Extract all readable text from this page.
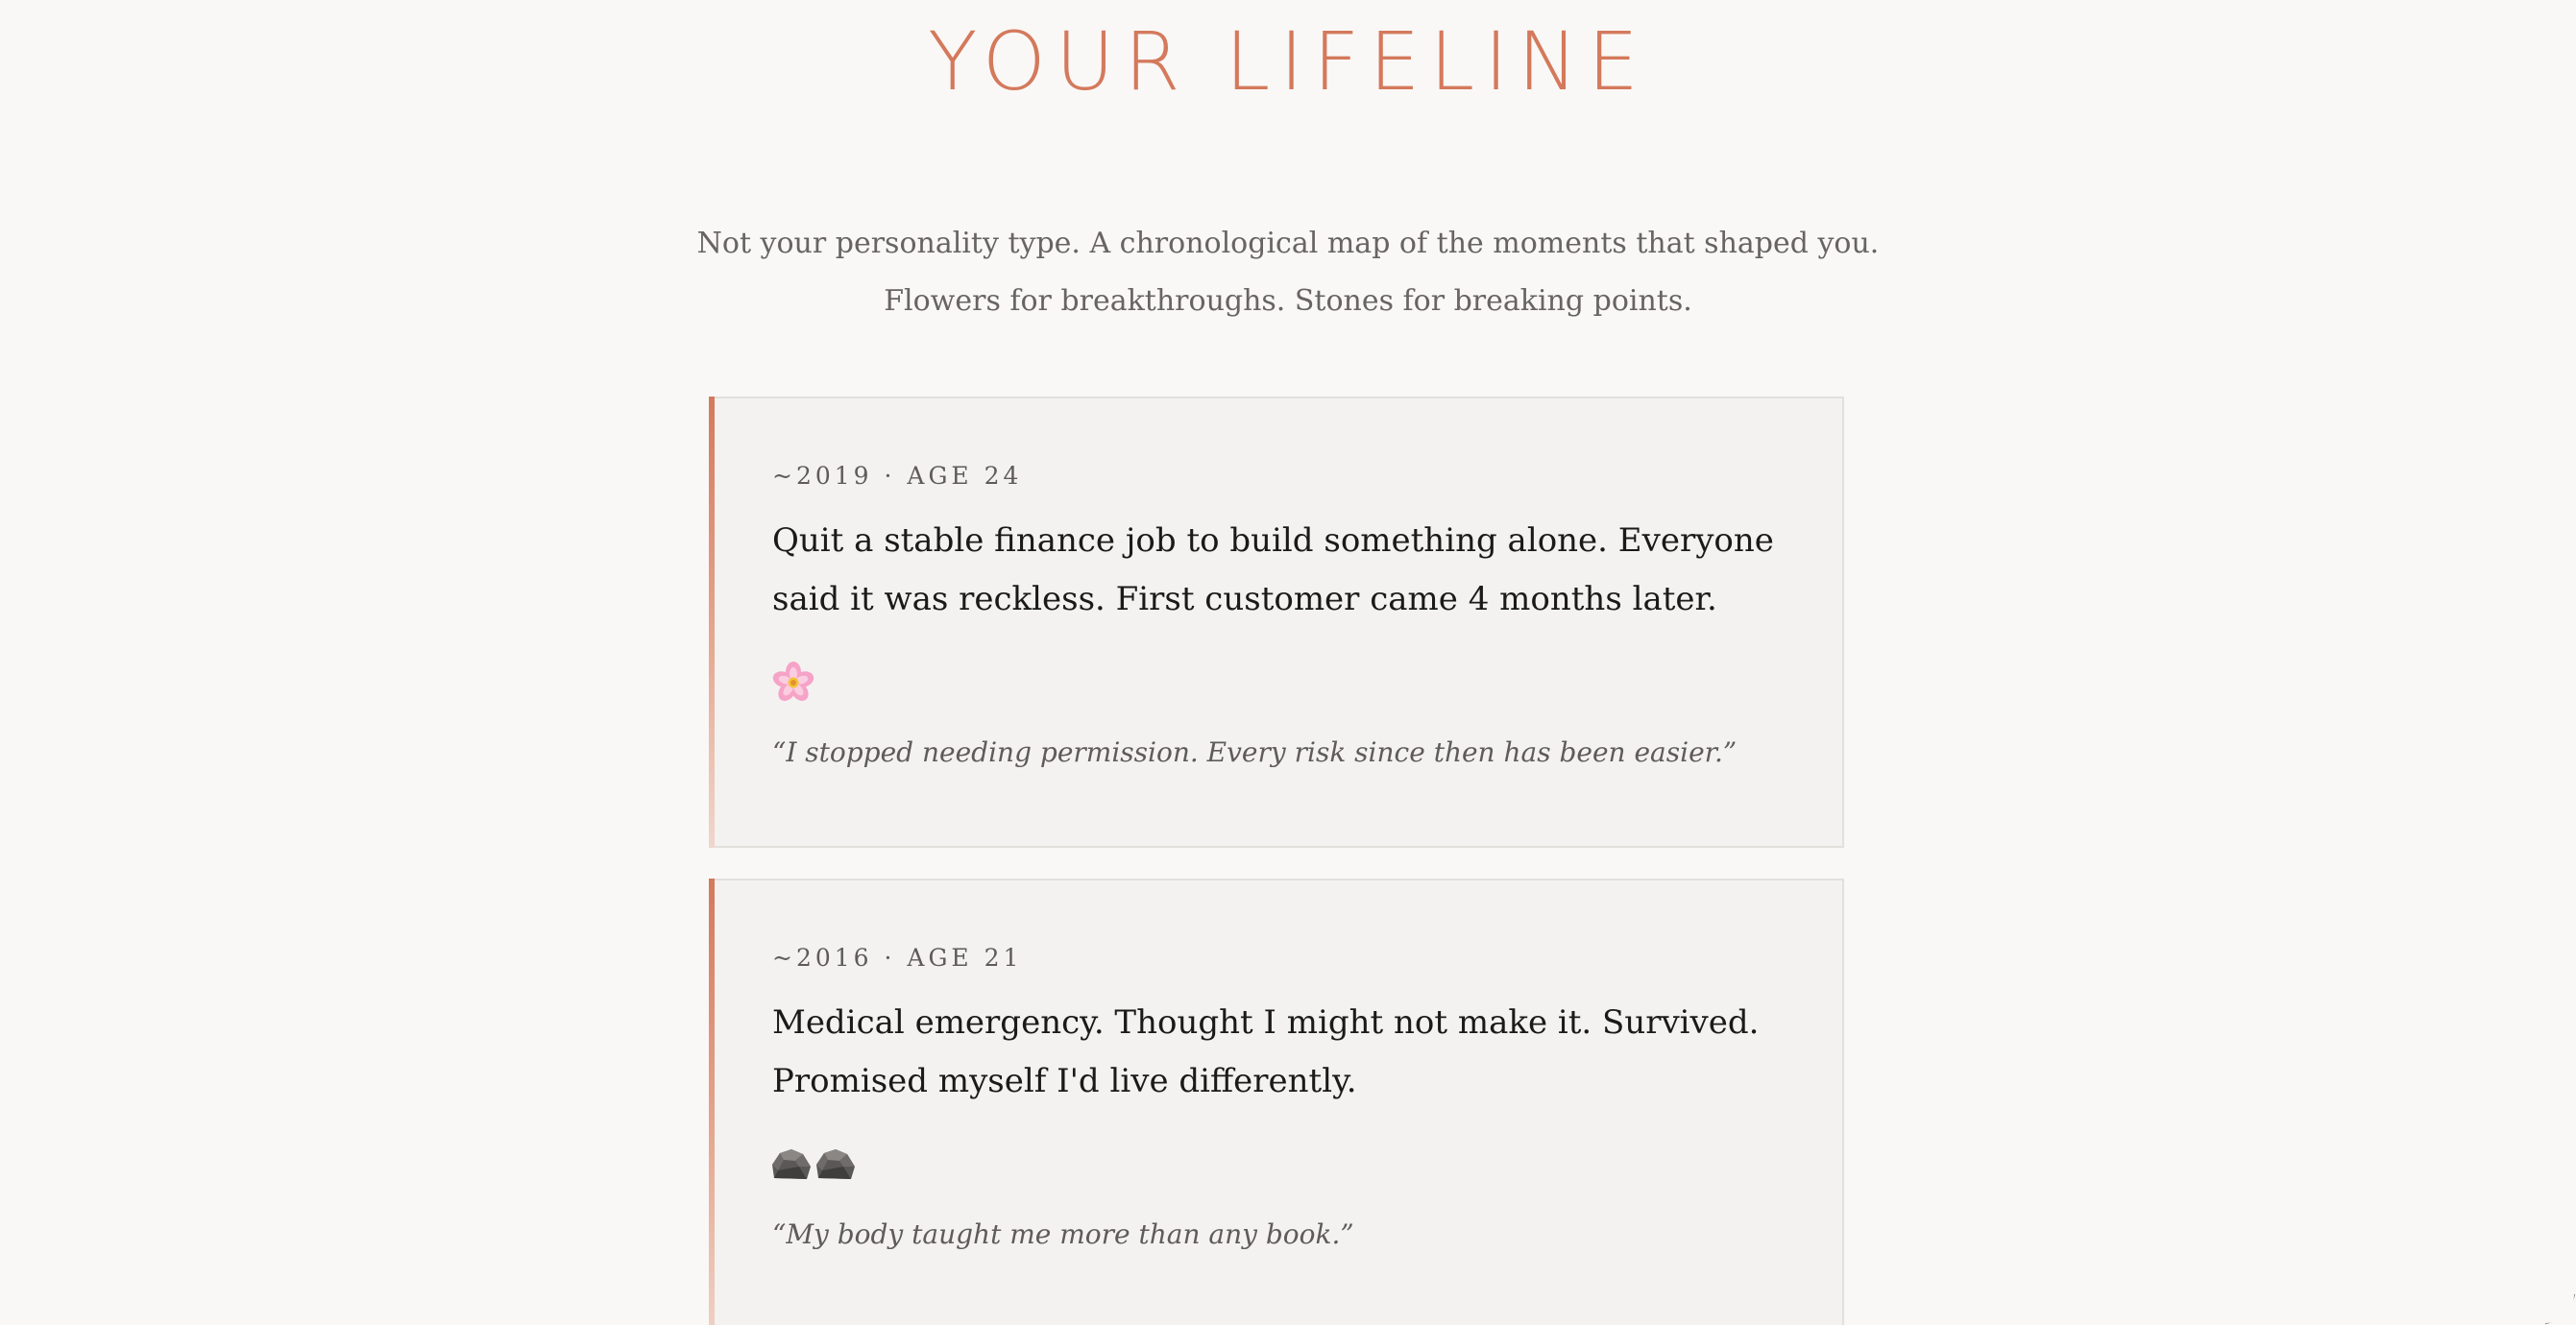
YOUR LIFELINE
Not your personality type. A chronological map of the moments that shaped you.
Flowers for breakthroughs. Stones for breaking points.
~2019 · AGE 24
Quit a stable finance job to build something alone. Everyone said it was reckless. First customer came 4 months later.
“I stopped needing permission. Every risk since then has been easier.”
~2016 · AGE 21
Medical emergency. Thought I might not make it. Survived. Promised myself I'd live differently.
“My body taught me more than any book.”
